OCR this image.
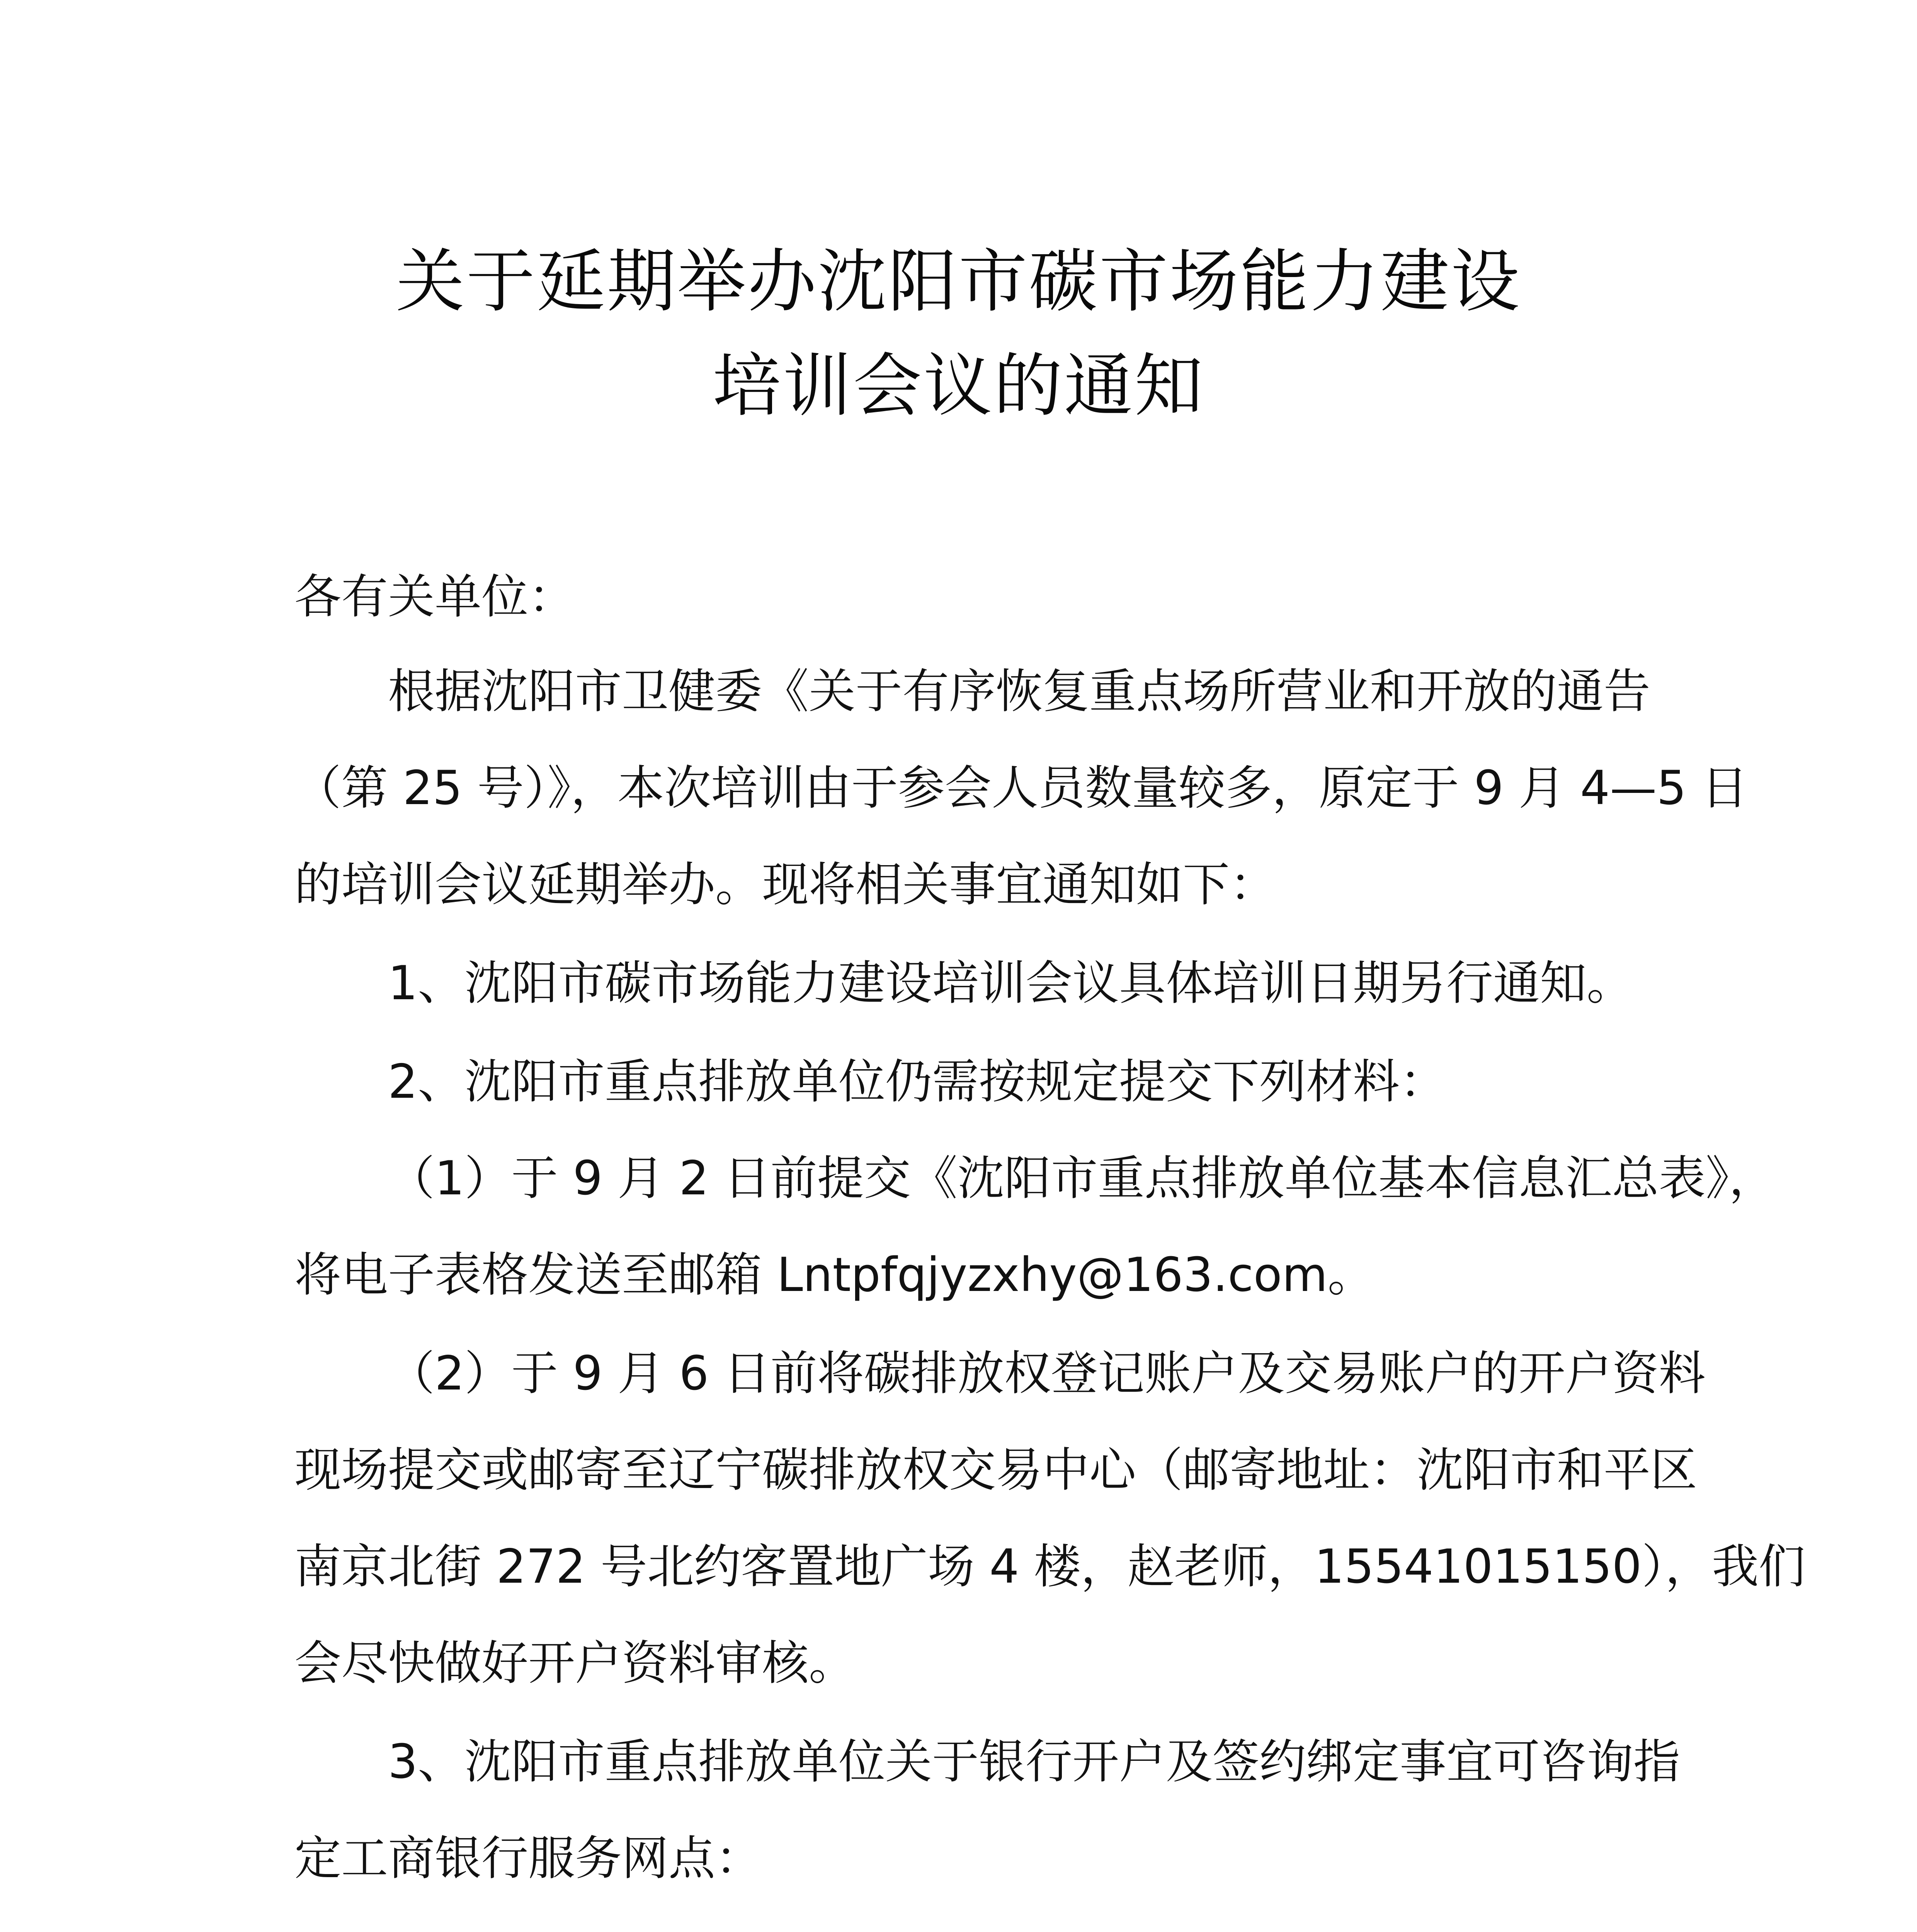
关于延期举办沈阳市碳市场能力建设
培训会议的通知
各有关单位：
根据沈阳市卫健委《关于有序恢复重点场所营业和开放的通告
（第 25 号）》，本次培训由于参会人员数量较多，原定于 9 月 4—5 日
的培训会议延期举办。现将相关事宜通知如下：
1、沈阳市碳市场能力建设培训会议具体培训日期另行通知。
2、沈阳市重点排放单位仍需按规定提交下列材料：
（1）于 9 月 2 日前提交《沈阳市重点排放单位基本信息汇总表》，
将电子表格发送至邮箱 Lntpfqjyzxhy@163.com。
（2）于 9 月 6 日前将碳排放权登记账户及交易账户的开户资料
现场提交或邮寄至辽宁碳排放权交易中心（邮寄地址：沈阳市和平区
南京北街 272 号北约客置地广场 4 楼，赵老师，15541015150），我们
会尽快做好开户资料审核。
3、沈阳市重点排放单位关于银行开户及签约绑定事宜可咨询指
定工商银行服务网点：
